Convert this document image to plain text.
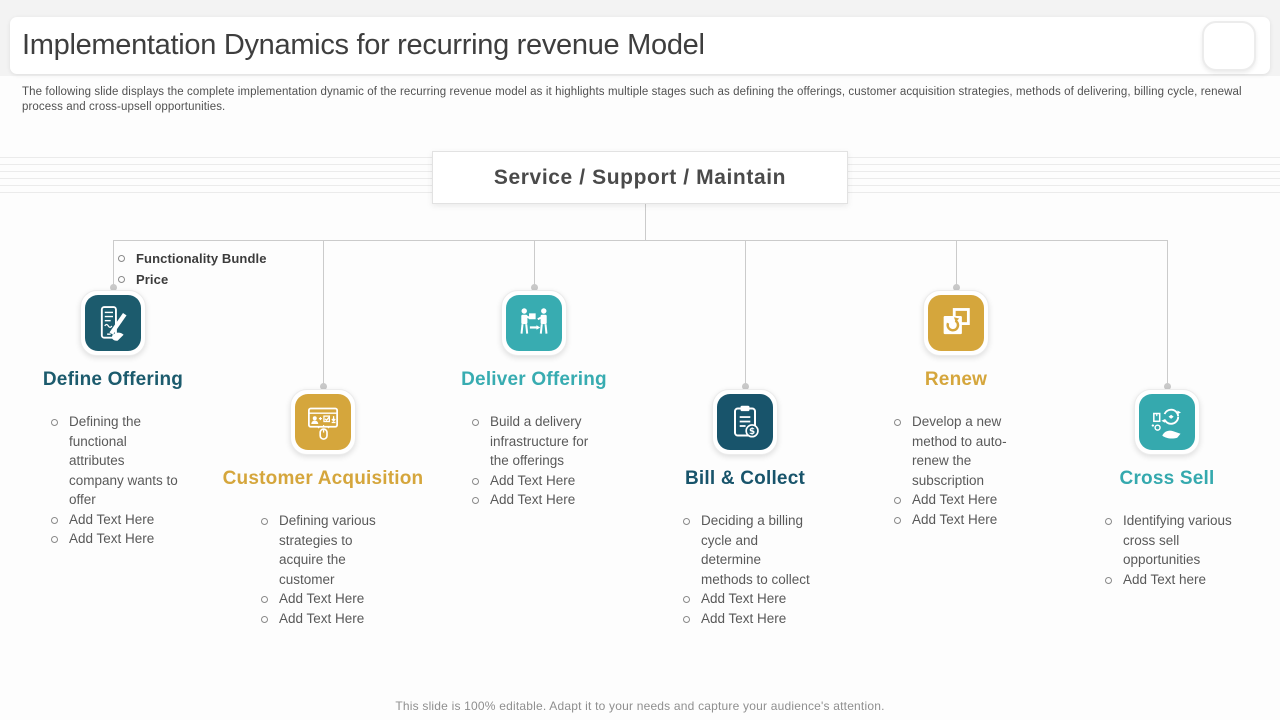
Implementation Dynamics for recurring revenue Model

The following slide displays the complete implementation dynamic of the recurring revenue model as it highlights multiple stages such as defining the offerings, customer acquisition strategies, methods of delivering, billing cycle, renewal process and cross-upsell opportunities.

Service / Support / Maintain
Functionality Bundle
Price
Define Offering
Defining the functional attributes company wants to offer
Add Text Here
Add Text Here
Customer Acquisition
Defining various strategies to acquire the customer
Add Text Here
Add Text Here
Deliver Offering
Build a delivery infrastructure for the offerings
Add Text Here
Add Text Here
$
Bill & Collect
Deciding a billing cycle and determine methods to collect
Add Text Here
Add Text Here
Renew
Develop a new method to auto-renew the subscription
Add Text Here
Add Text Here
Cross Sell
Identifying various cross sell opportunities
Add Text here

This slide is 100% editable. Adapt it to your needs and capture your audience's attention.
